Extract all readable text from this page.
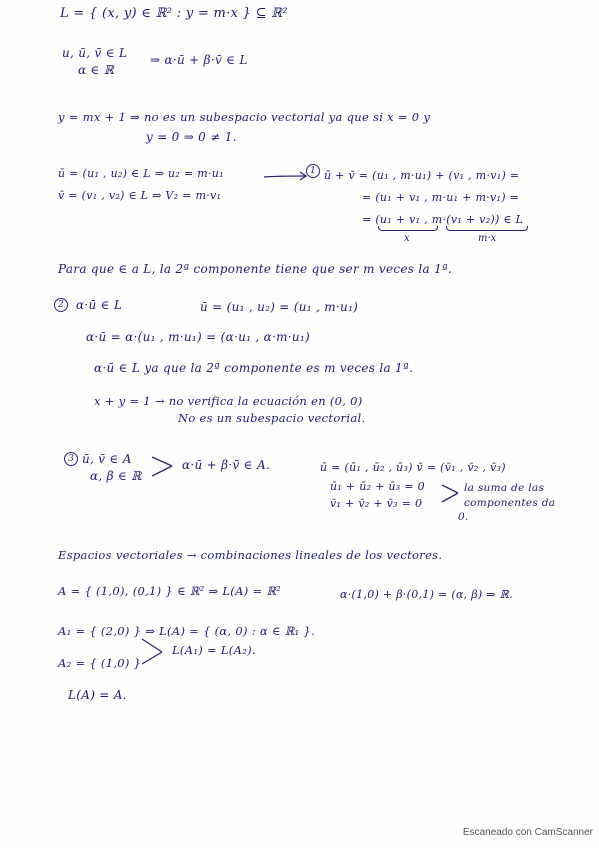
L = { (x, y) ∈ ℝ² : y = m·x } ⊆ ℝ²
u, ū, v̄ ∈ L
α ∈ ℝ
⇒ α·ū + β·v̄ ∈ L
y = mx + 1 ⇒ no es un subespacio vectorial ya que si x = 0 y
y = 0 ⇒ 0 ≠ 1.
ū = (u₁ , u₂) ∈ L ⇒ u₂ = m·u₁
v̄ = (v₁ , v₂) ∈ L ⇒ V₂ = m·v₁
1 ū + v̄ = (u₁ , m·u₁) + (v₁ , m·v₁) =
= (u₁ + v₁ , m·u₁ + m·v₁) =
= (u₁ + v₁ , m·(v₁ + v₂)) ∈ L
x	m·x
Para que ∈ a L, la 2ª componente tiene que ser m veces la 1ª.
2	α·ū ∈ L	ū = (u₁ , u₂) = (u₁ , m·u₁)
α·ū = α·(u₁ , m·u₁) = (α·u₁ , α·m·u₁)
α·ū ∈ L ya que la 2ª componente es m veces la 1ª.
x + y = 1 → no verifica la ecuación en (0, 0)
No es un subespacio vectorial.
3 ū, v̄ ∈ A
α, β ∈ ℝ
α·ū + β·v̄ ∈ A.	ū = (ū₁ , ū₂ , ū₃) v̄ = (v̄₁ , v̄₂ , v̄₃)
ū₁ + ū₂ + ū₃ = 0
v̄₁ + v̄₂ + v̄₃ = 0
la suma de las
componentes da
0.
Espacios vectoriales → combinaciones lineales de los vectores.
A = { (1,0), (0,1) } ∈ ℝ² ⇒ L(A) = ℝ²	α·(1,0) + β·(0,1) = (α, β) ⇒ ℝ.
A₁ = { (2,0) } ⇒ L(A) = { (α, 0) : α ∈ ℝ₁ }.
A₂ = { (1,0) }
L(A₁) = L(A₂).
L(A) = A.
Escaneado con CamScanner
